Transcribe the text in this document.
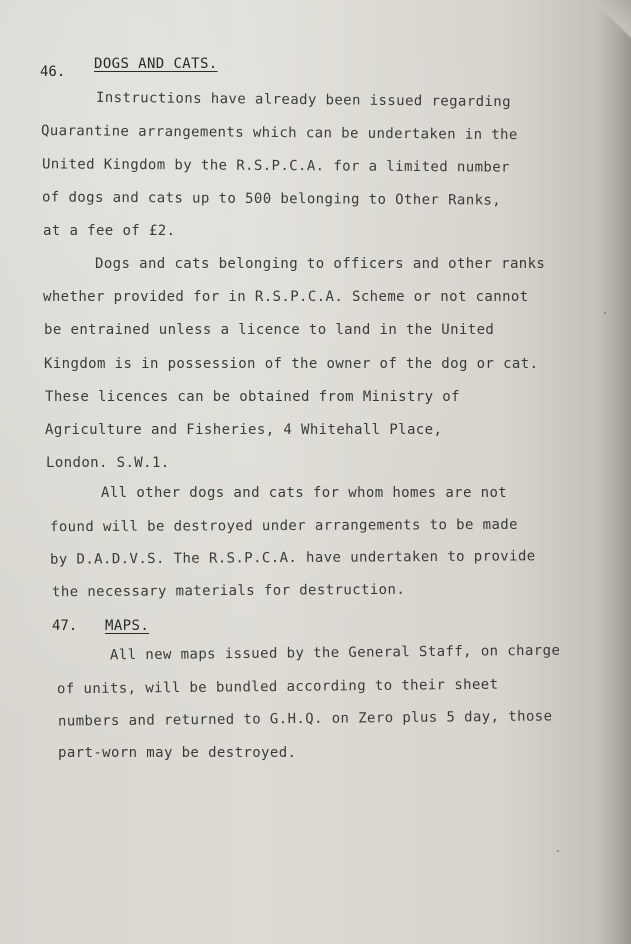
46. DOGS AND CATS.
Instructions have already been issued regarding
Quarantine arrangements which can be undertaken in the
United Kingdom by the R.S.P.C.A. for a limited number
of dogs and cats up to 500 belonging to Other Ranks,
at a fee of £2.
Dogs and cats belonging to officers and other ranks
whether provided for in R.S.P.C.A. Scheme or not cannot
be entrained unless a licence to land in the United
Kingdom is in possession of the owner of the dog or cat.
These licences can be obtained from Ministry of
Agriculture and Fisheries, 4 Whitehall Place,
London. S.W.1.
All other dogs and cats for whom homes are not
found will be destroyed under arrangements to be made
by D.A.D.V.S. The R.S.P.C.A. have undertaken to provide
the necessary materials for destruction.
47. MAPS.
All new maps issued by the General Staff, on charge
of units, will be bundled according to their sheet
numbers and returned to G.H.Q. on Zero plus 5 day, those
part-worn may be destroyed.
